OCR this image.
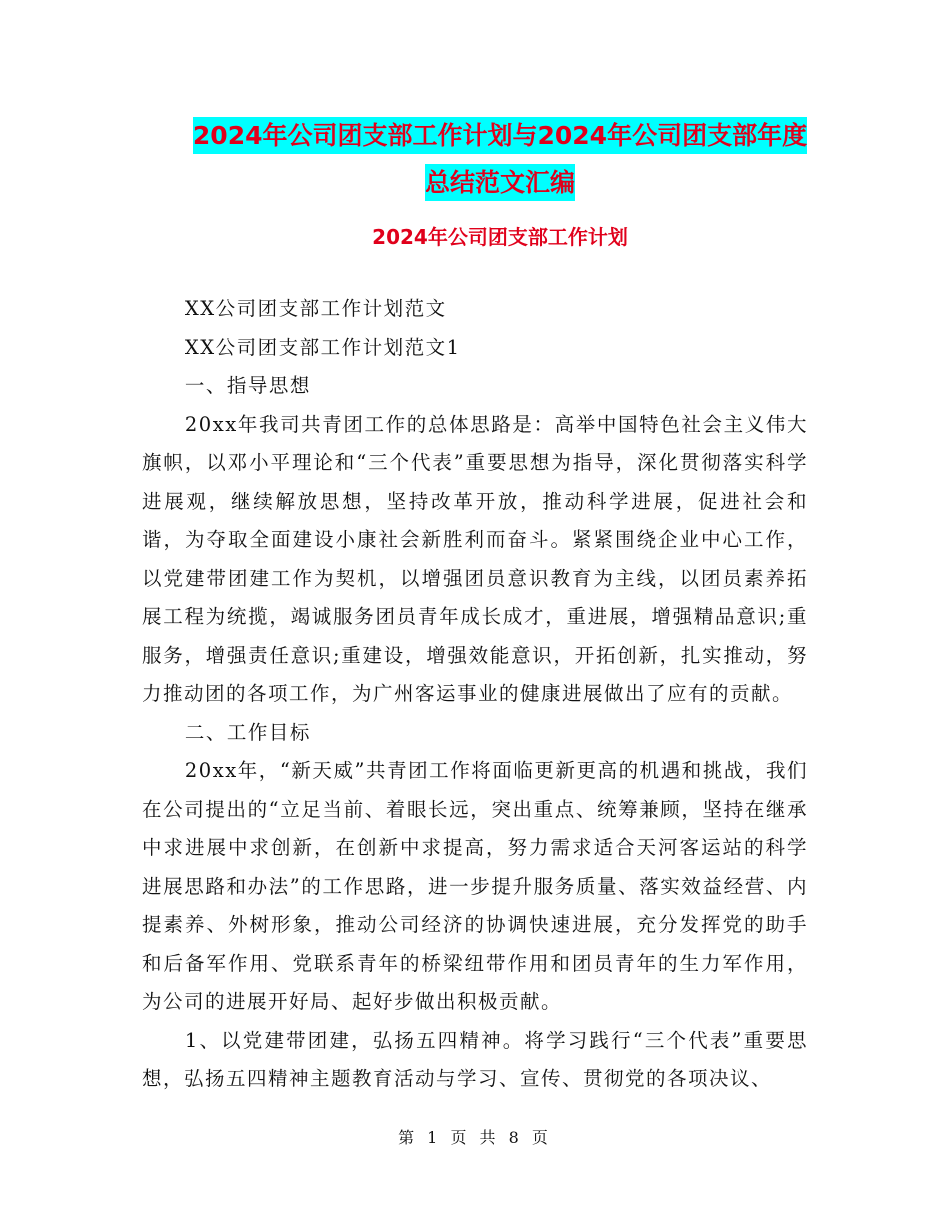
2024年公司团支部工作计划与2024年公司团支部年度
总结范文汇编
2024年公司团支部工作计划

XX公司团支部工作计划范文

XX公司团支部工作计划范文1

一、指导思想

20xx年我司共青团工作的总体思路是：高举中国特色社会主义伟大旗帜，以邓小平理论和“三个代表”重要思想为指导，深化贯彻落实科学进展观，继续解放思想，坚持改革开放，推动科学进展，促进社会和谐，为夺取全面建设小康社会新胜利而奋斗。紧紧围绕企业中心工作，以党建带团建工作为契机，以增强团员意识教育为主线，以团员素养拓展工程为统揽，竭诚服务团员青年成长成才，重进展，增强精品意识;重服务，增强责任意识;重建设，增强效能意识，开拓创新，扎实推动，努力推动团的各项工作，为广州客运事业的健康进展做出了应有的贡献。

二、工作目标

20xx年，“新天威”共青团工作将面临更新更高的机遇和挑战，我们在公司提出的“立足当前、着眼长远，突出重点、统筹兼顾，坚持在继承中求进展中求创新，在创新中求提高，努力需求适合天河客运站的科学进展思路和办法”的工作思路，进一步提升服务质量、落实效益经营、内提素养、外树形象，推动公司经济的协调快速进展，充分发挥党的助手和后备军作用、党联系青年的桥梁纽带作用和团员青年的生力军作用，为公司的进展开好局、起好步做出积极贡献。

1、以党建带团建，弘扬五四精神。将学习践行“三个代表”重要思想，弘扬五四精神主题教育活动与学习、宣传、贯彻党的各项决议、

第 1 页 共 8 页
